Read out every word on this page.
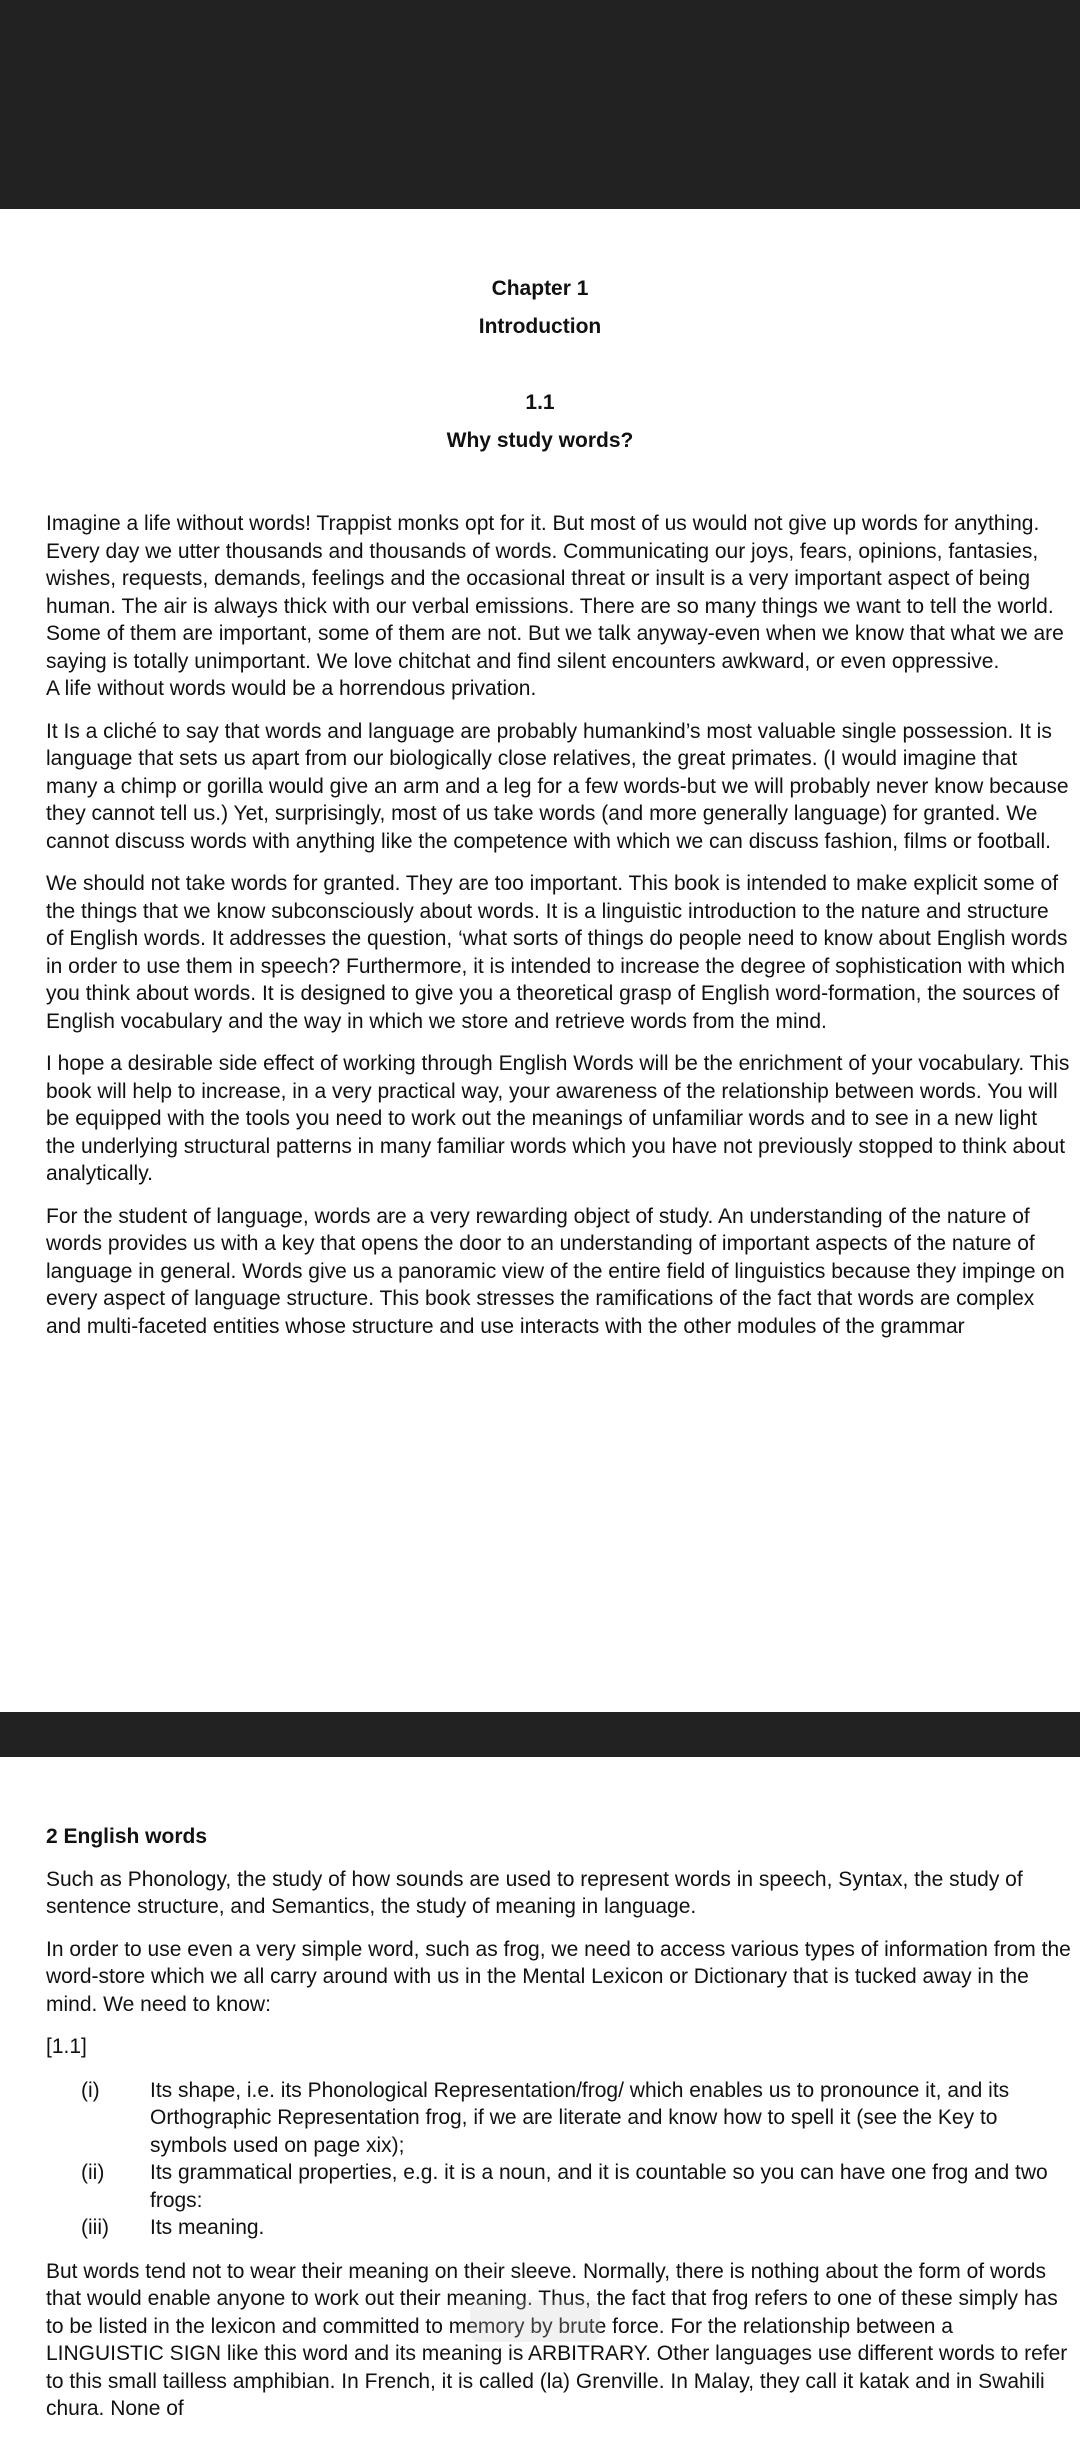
Chapter 1

Introduction

1.1

Why study words?

Imagine a life without words! Trappist monks opt for it. But most of us would not give up words for anything. Every day we utter thousands and thousands of words. Communicating our joys, fears, opinions, fantasies, wishes, requests, demands, feelings and the occasional threat or insult is a very important aspect of being human. The air is always thick with our verbal emissions. There are so many things we want to tell the world. Some of them are important, some of them are not. But we talk anyway-even when we know that what we are saying is totally unimportant. We love chitchat and find silent encounters awkward, or even oppressive.

A life without words would be a horrendous privation.

It Is a cliché to say that words and language are probably humankind’s most valuable single possession. It is language that sets us apart from our biologically close relatives, the great primates. (I would imagine that many a chimp or gorilla would give an arm and a leg for a few words-but we will probably never know because they cannot tell us.) Yet, surprisingly, most of us take words (and more generally language) for granted. We cannot discuss words with anything like the competence with which we can discuss fashion, films or football.

We should not take words for granted. They are too important. This book is intended to make explicit some of the things that we know subconsciously about words. It is a linguistic introduction to the nature and structure of English words. It addresses the question, ‘what sorts of things do people need to know about English words in order to use them in speech? Furthermore, it is intended to increase the degree of sophistication with which you think about words. It is designed to give you a theoretical grasp of English word-formation, the sources of English vocabulary and the way in which we store and retrieve words from the mind.

I hope a desirable side effect of working through English Words will be the enrichment of your vocabulary. This book will help to increase, in a very practical way, your awareness of the relationship between words. You will be equipped with the tools you need to work out the meanings of unfamiliar words and to see in a new light the underlying structural patterns in many familiar words which you have not previously stopped to think about analytically.

For the student of language, words are a very rewarding object of study. An understanding of the nature of words provides us with a key that opens the door to an understanding of important aspects of the nature of language in general. Words give us a panoramic view of the entire field of linguistics because they impinge on every aspect of language structure. This book stresses the ramifications of the fact that words are complex and multi-faceted entities whose structure and use interacts with the other modules of the grammar

2 English words

Such as Phonology, the study of how sounds are used to represent words in speech, Syntax, the study of sentence structure, and Semantics, the study of meaning in language.

In order to use even a very simple word, such as frog, we need to access various types of information from the word-store which we all carry around with us in the Mental Lexicon or Dictionary that is tucked away in the mind. We need to know:

[1.1]

(i)	Its shape, i.e. its Phonological Representation/frog/ which enables us to pronounce it, and its Orthographic Representation frog, if we are literate and know how to spell it (see the Key to symbols used on page xix);
(ii)	Its grammatical properties, e.g. it is a noun, and it is countable so you can have one frog and two frogs:
(iii)	Its meaning.

But words tend not to wear their meaning on their sleeve. Normally, there is nothing about the form of words that would enable anyone to work out their meaning. Thus, the fact that frog refers to one of these simply has to be listed in the lexicon and committed to memory by brute force. For the relationship between a LINGUISTIC SIGN like this word and its meaning is ARBITRARY. Other languages use different words to refer to this small tailless amphibian. In French, it is called (la) Grenville. In Malay, they call it katak and in Swahili chura. None of
